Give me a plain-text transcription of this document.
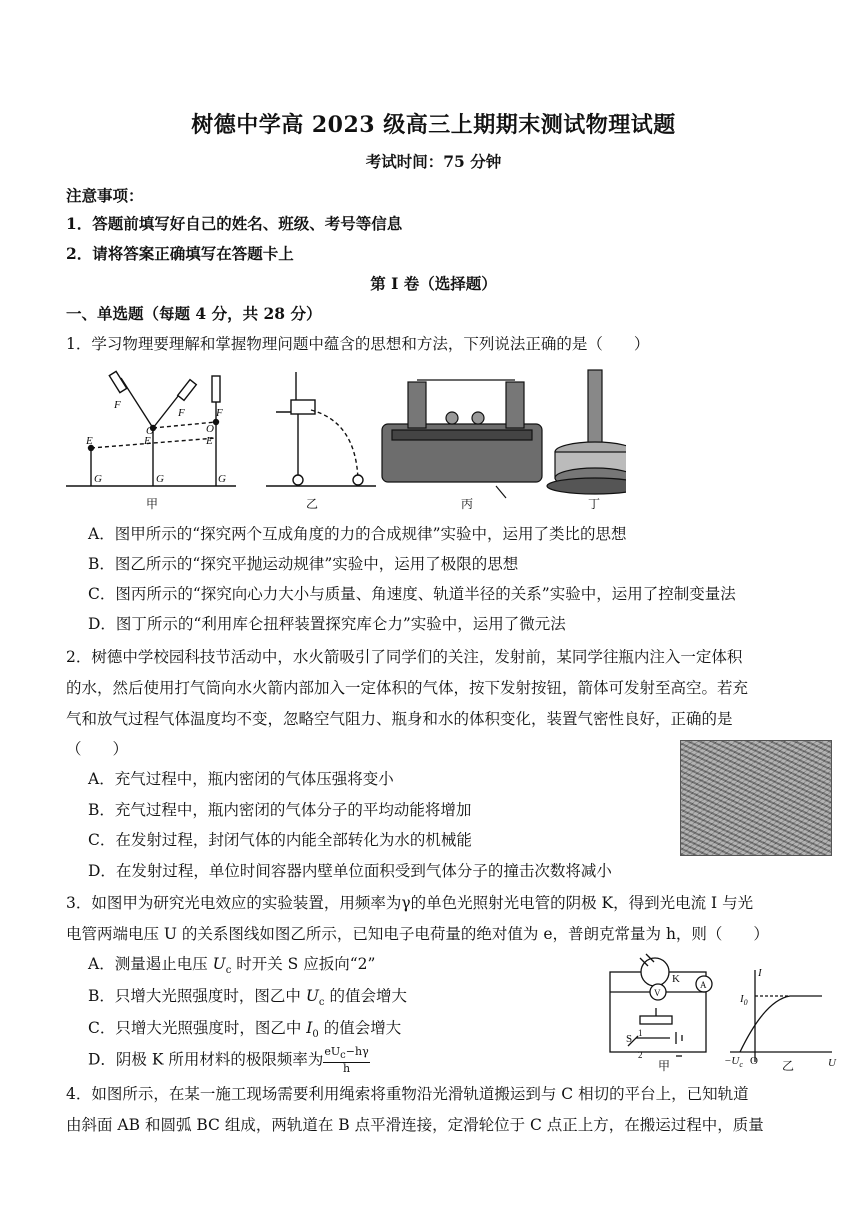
树德中学高 2023 级高三上期期末测试物理试题
考试时间：75 分钟
注意事项：
1．答题前填写好自己的姓名、班级、考号等信息
2．请将答案正确填写在答题卡上
第 I 卷（选择题）
一、单选题（每题 4 分，共 28 分）
1．学习物理要理解和掌握物理问题中蕴含的思想和方法，下列说法正确的是（　　）
F
F	F
E	E	E
O	O
G	G	G
甲	乙	丙	丁
A．图甲所示的“探究两个互成角度的力的合成规律”实验中，运用了类比的思想
B．图乙所示的“探究平抛运动规律”实验中，运用了极限的思想
C．图丙所示的“探究向心力大小与质量、角速度、轨道半径的关系”实验中，运用了控制变量法
D．图丁所示的“利用库仑扭秤装置探究库仑力”实验中，运用了微元法
2．树德中学校园科技节活动中，水火箭吸引了同学们的关注，发射前，某同学往瓶内注入一定体积
的水，然后使用打气筒向水火箭内部加入一定体积的气体，按下发射按钮，箭体可发射至高空。若充
气和放气过程气体温度均不变，忽略空气阻力、瓶身和水的体积变化，装置气密性良好，正确的是
（　　）
A．充气过程中，瓶内密闭的气体压强将变小
B．充气过程中，瓶内密闭的气体分子的平均动能将增加
C．在发射过程，封闭气体的内能全部转化为水的机械能
D．在发射过程，单位时间容器内壁单位面积受到气体分子的撞击次数将减小
3．如图甲为研究光电效应的实验装置，用频率为γ的单色光照射光电管的阴极 K，得到光电流 I 与光
电管两端电压 U 的关系图线如图乙所示，已知电子电荷量的绝对值为 e，普朗克常量为 h，则（　　）
A．测量遏止电压 $U_c$ 时开关 S 应扳向“2”
B．只增大光照强度时，图乙中 $U_c$ 的值会增大
C．只增大光照强度时，图乙中 $I_0$ 的值会增大
D．阴极 K 所用材料的极限频率为 $\frac{eU_c-h\gamma}{h}$
K A
V
S 1
2
甲
I
U
$I_0$
$-U_c$ O 乙
4．如图所示，在某一施工现场需要利用绳索将重物沿光滑轨道搬运到与 C 相切的平台上，已知轨道
由斜面 AB 和圆弧 BC 组成，两轨道在 B 点平滑连接，定滑轮位于 C 点正上方，在搬运过程中，质量
